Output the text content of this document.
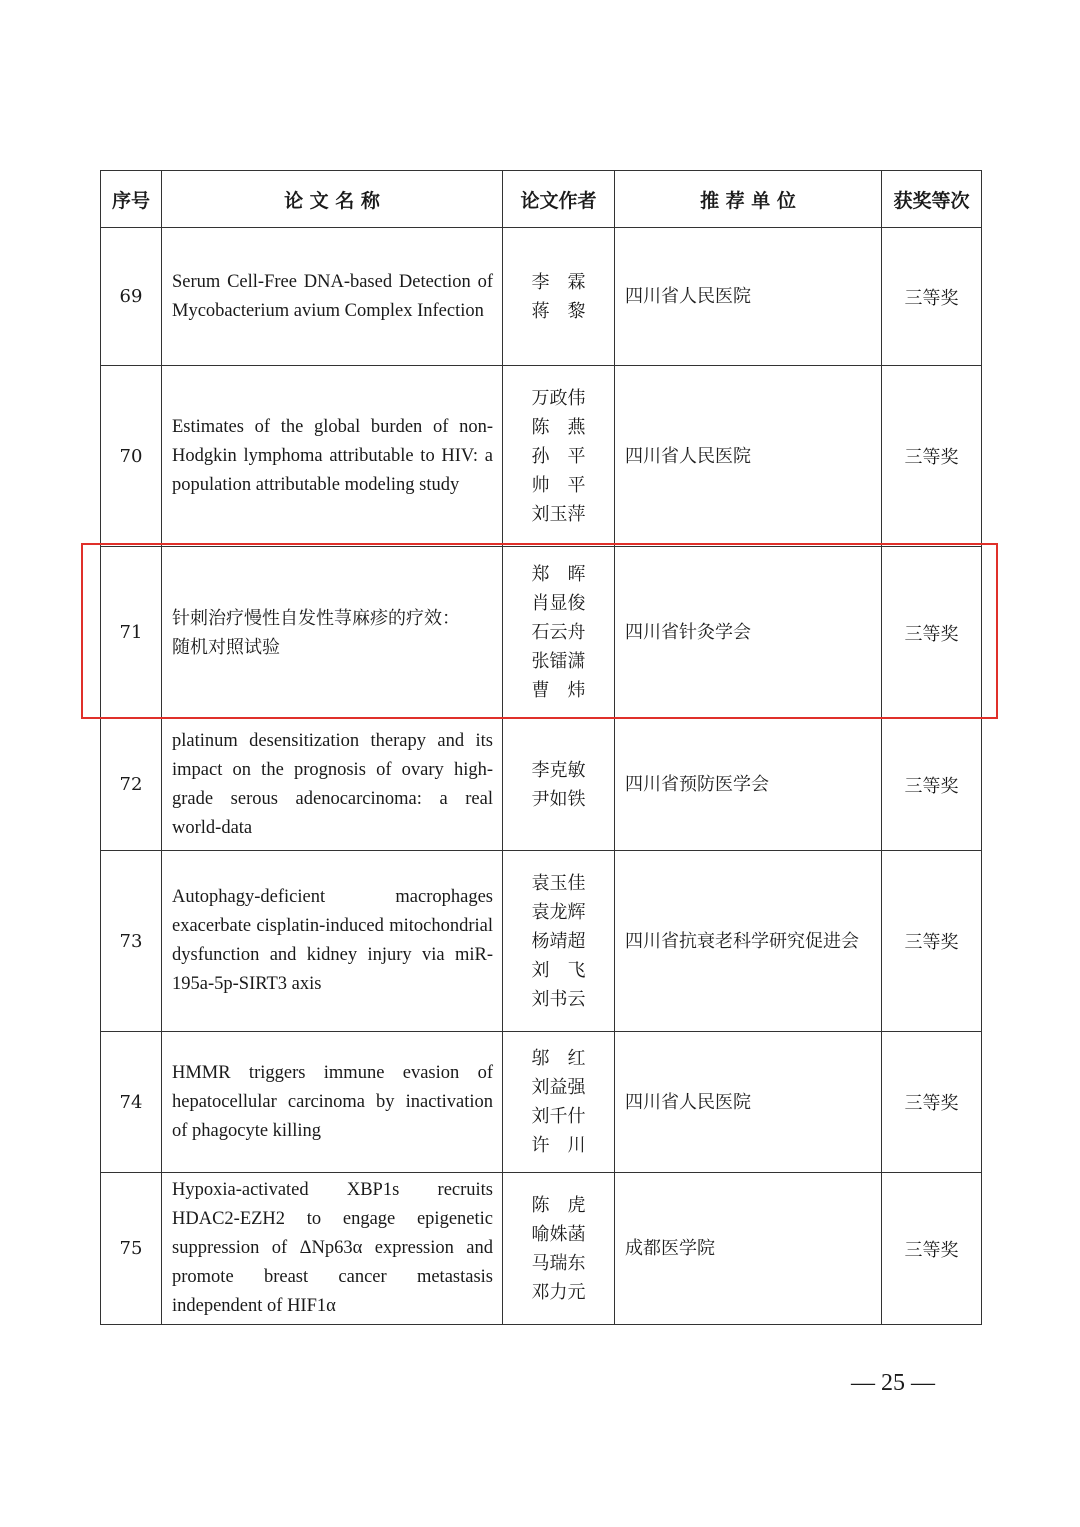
序号	论 文 名 称	论文作者	推 荐 单 位	获奖等次
69	Serum Cell-Free DNA-based Detection of Mycobacterium avium Complex Infection	李　霖
蒋　黎	四川省人民医院	三等奖
70	Estimates of the global burden of non-Hodgkin lymphoma attributable to HIV: a population attributable modeling study	万政伟
陈　燕
孙　平
帅　平
刘玉萍	四川省人民医院	三等奖
71	针刺治疗慢性自发性荨麻疹的疗效：
随机对照试验	郑　晖
肖显俊
石云舟
张镭潇
曹　炜	四川省针灸学会	三等奖
72	platinum desensitization therapy and its impact on the prognosis of ovary high-grade serous adenocarcinoma: a real world-data	李克敏
尹如铁	四川省预防医学会	三等奖
73	Autophagy-deficient macrophages exacerbate cisplatin-induced mitochondrial dysfunction and kidney injury via miR-195a-5p-SIRT3 axis	袁玉佳
袁龙辉
杨靖超
刘　飞
刘书云	四川省抗衰老科学研究促进会	三等奖
74	HMMR triggers immune evasion of hepatocellular carcinoma by inactivation of phagocyte killing	邬　红
刘益强
刘千什
许　川	四川省人民医院	三等奖
75	Hypoxia-activated XBP1s recruits HDAC2-EZH2 to engage epigenetic suppression of ΔNp63α expression and promote breast cancer metastasis independent of HIF1α	陈　虎
喻姝菡
马瑞东
邓力元	成都医学院	三等奖
— 25 —
